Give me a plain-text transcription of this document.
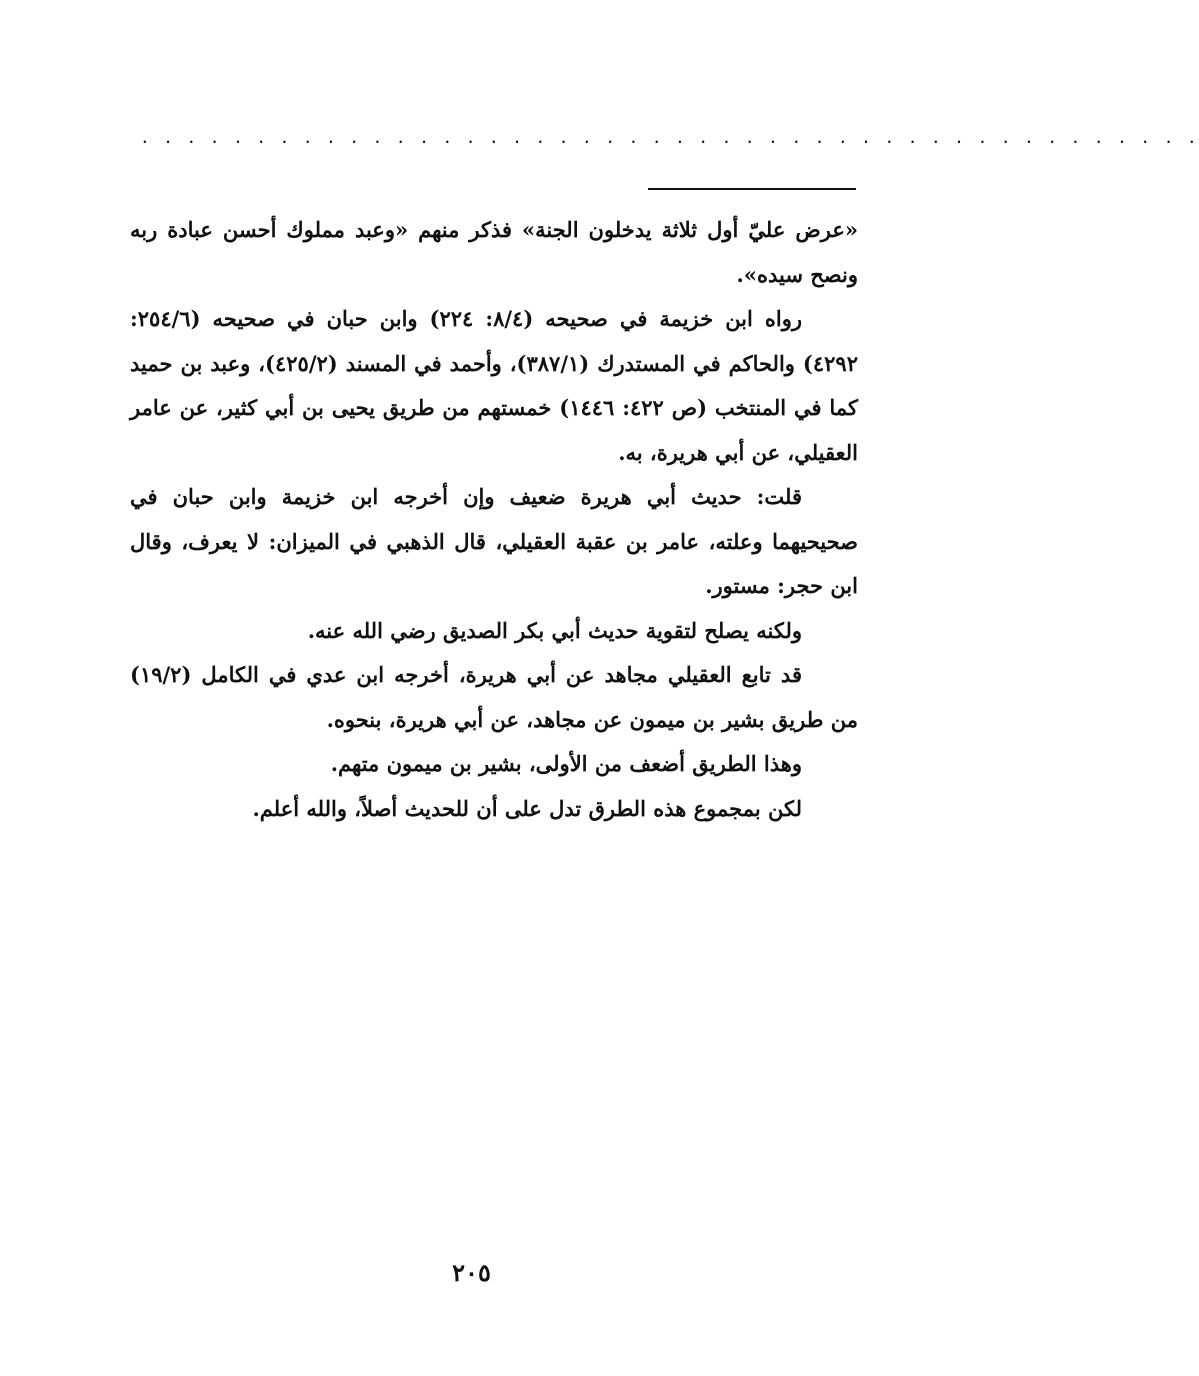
. . . . . . . . . . . . . . . . . . . . . . . . . . . . . . . . . . . . . . . . . . . . . .

«عرض عليّ أول ثلاثة يدخلون الجنة» فذكر منهم «وعبد مملوك أحسن عبادة ربه ونصح سيده».

رواه ابن خزيمة في صحيحه (٨/٤: ٢٢٤) وابن حبان في صحيحه (٢٥٤/٦: ٤٢٩٢) والحاكم في المستدرك (٣٨٧/١)، وأحمد في المسند (٤٢٥/٢)، وعبد بن حميد كما في المنتخب (ص ٤٢٢: ١٤٤٦) خمستهم من طريق يحيى بن أبي كثير، عن عامر العقيلي، عن أبي هريرة، به.

قلت: حديث أبي هريرة ضعيف وإن أخرجه ابن خزيمة وابن حبان في صحيحيهما وعلته، عامر بن عقبة العقيلي، قال الذهبي في الميزان: لا يعرف، وقال ابن حجر: مستور.

ولكنه يصلح لتقوية حديث أبي بكر الصديق رضي الله عنه.

قد تابع العقيلي مجاهد عن أبي هريرة، أخرجه ابن عدي في الكامل (١٩/٢) من طريق بشير بن ميمون عن مجاهد، عن أبي هريرة، بنحوه.

وهذا الطريق أضعف من الأولى، بشير بن ميمون متهم.

لكن بمجموع هذه الطرق تدل على أن للحديث أصلاً، والله أعلم.

٢٠٥
